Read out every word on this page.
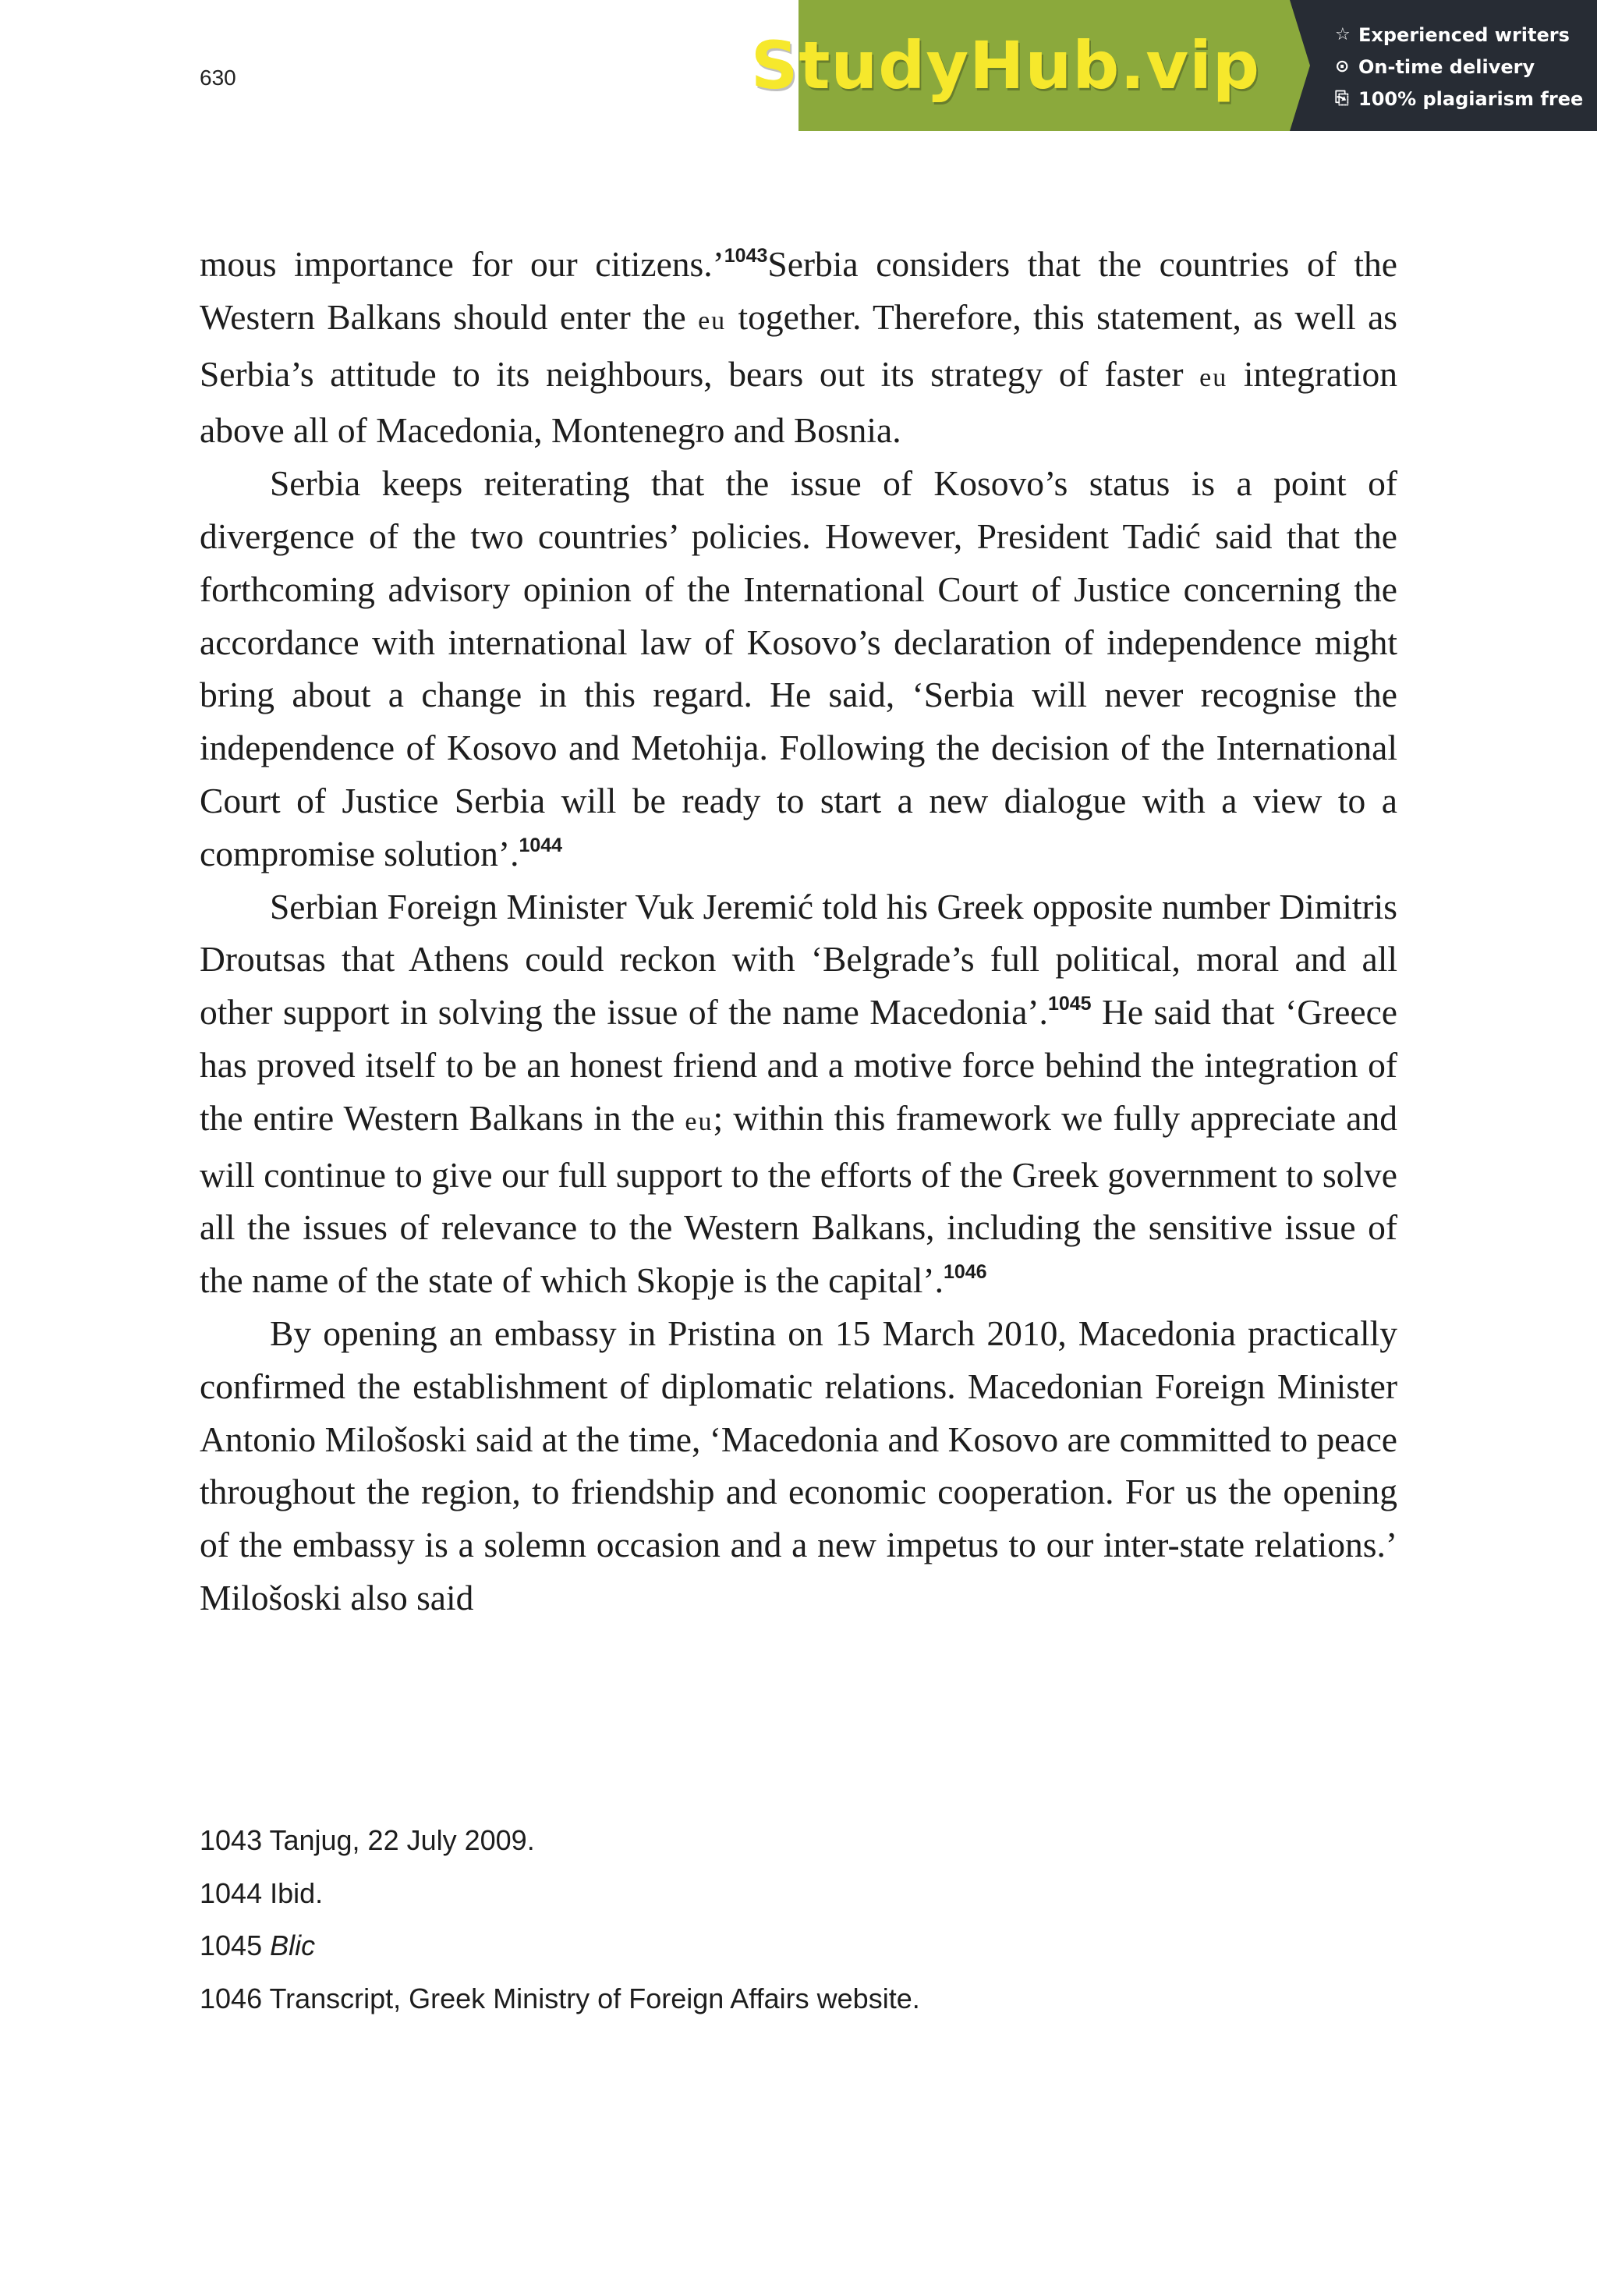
630	StudyHub.vip	☆ Experienced writers
⊙ On-time delivery
⎘ 100% plagiarism free

mous importance for our citizens.’$^{1043}$Serbia considers that the countries of the Western Balkans should enter the eu together. Therefore, this statement, as well as Serbia’s attitude to its neighbours, bears out its strategy of faster eu integration above all of Macedonia, Montenegro and Bosnia.

Serbia keeps reiterating that the issue of Kosovo’s status is a point of divergence of the two countries’ policies. However, President Tadić said that the forthcoming advisory opinion of the International Court of Justice concerning the accordance with international law of Kosovo’s declaration of independence might bring about a change in this regard. He said, ‘Serbia will never recognise the independence of Kosovo and Metohija. Following the decision of the International Court of Justice Serbia will be ready to start a new dialogue with a view to a compromise solution’.$^{1044}$

Serbian Foreign Minister Vuk Jeremić told his Greek opposite number Dimitris Droutsas that Athens could reckon with ‘Belgrade’s full political, moral and all other support in solving the issue of the name Macedonia’.$^{1045}$ He said that ‘Greece has proved itself to be an honest friend and a motive force behind the integration of the entire Western Balkans in the eu; within this framework we fully appreciate and will continue to give our full support to the efforts of the Greek government to solve all the issues of relevance to the Western Balkans, including the sensitive issue of the name of the state of which Skopje is the capital’.$^{1046}$

By opening an embassy in Pristina on 15 March 2010, Macedonia practically confirmed the establishment of diplomatic relations. Macedonian Foreign Minister Antonio Milošoski said at the time, ‘Macedonia and Kosovo are committed to peace throughout the region, to friendship and economic cooperation. For us the opening of the embassy is a solemn occasion and a new impetus to our inter-state relations.’ Milošoski also said

1043 Tanjug, 22 July 2009.
1044 Ibid.
1045 Blic
1046 Transcript, Greek Ministry of Foreign Affairs website.
